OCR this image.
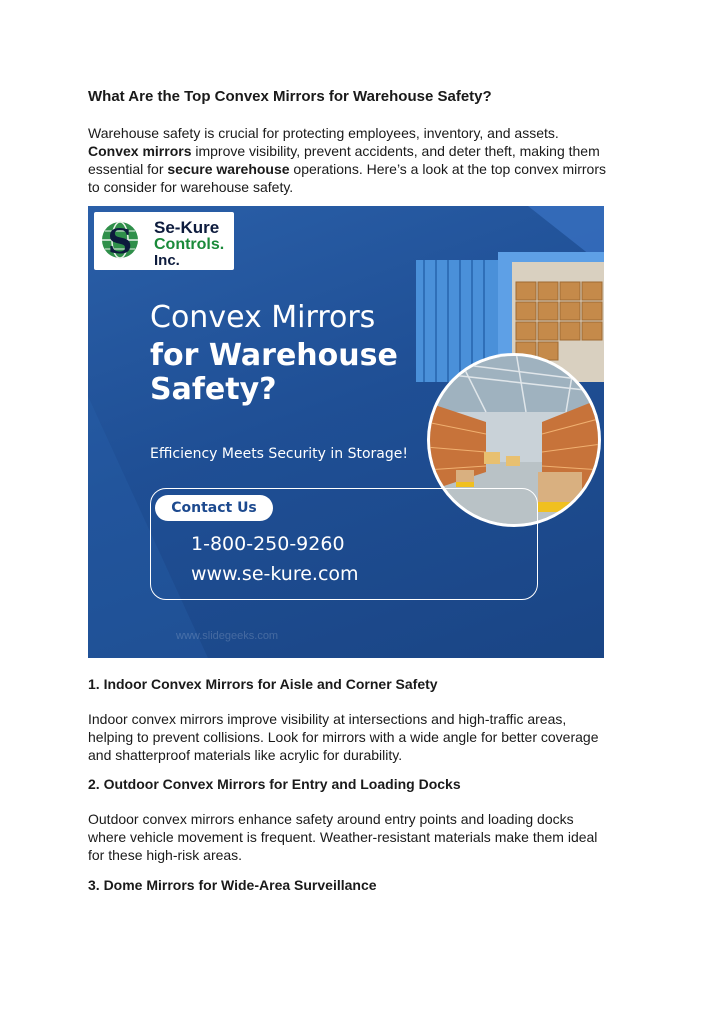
What Are the Top Convex Mirrors for Warehouse Safety?
Warehouse safety is crucial for protecting employees, inventory, and assets.
Convex mirrors improve visibility, prevent accidents, and deter theft, making them
essential for secure warehouse operations. Here’s a look at the top convex mirrors
to consider for warehouse safety.
1. Indoor Convex Mirrors for Aisle and Corner Safety
Indoor convex mirrors improve visibility at intersections and high-traffic areas,
helping to prevent collisions. Look for mirrors with a wide angle for better coverage
and shatterproof materials like acrylic for durability.
2. Outdoor Convex Mirrors for Entry and Loading Docks
Outdoor convex mirrors enhance safety around entry points and loading docks
where vehicle movement is frequent. Weather-resistant materials make them ideal
for these high-risk areas.
3. Dome Mirrors for Wide-Area Surveillance
S Se-Kure
Controls.
Inc.
Convex Mirrors
for Warehouse
Safety?
Efficiency Meets Security in Storage!
Contact Us
1-800-250-9260
www.se-kure.com
www.slidegeeks.com
